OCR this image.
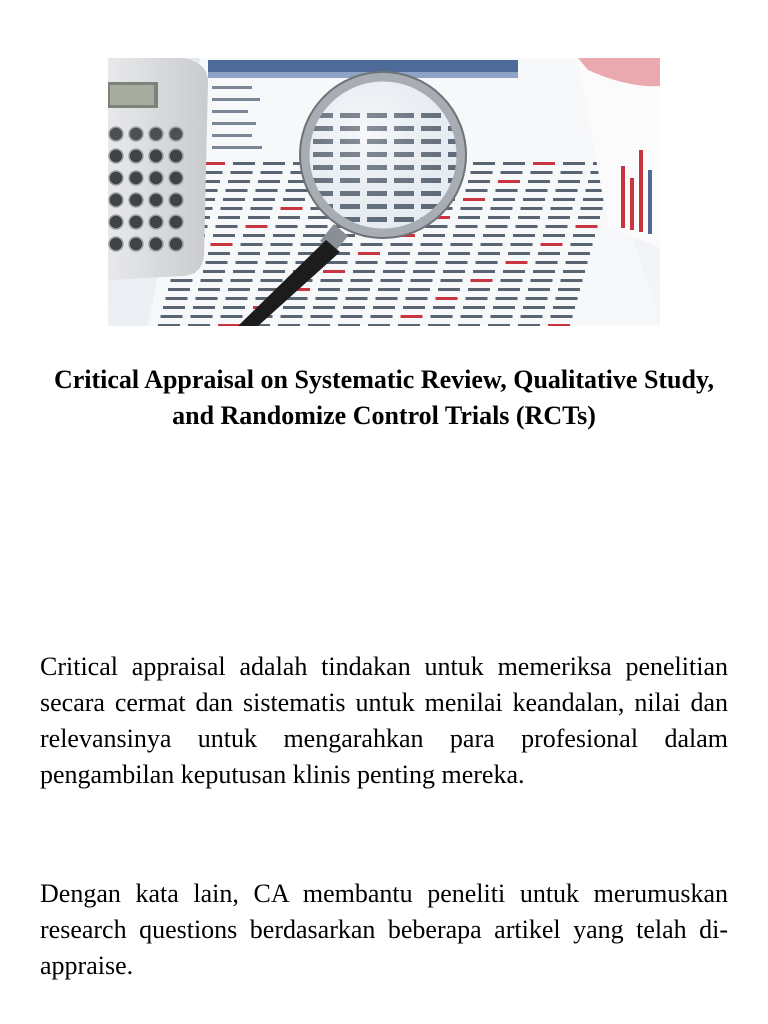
Critical Appraisal on Systematic Review, Qualitative Study, and Randomize Control Trials (RCTs)

Critical appraisal adalah tindakan untuk memeriksa penelitian secara cermat dan sistematis untuk menilai keandalan, nilai dan relevansinya untuk mengarahkan para profesional dalam pengambilan keputusan klinis penting mereka.

Dengan kata lain, CA membantu peneliti untuk merumuskan research questions berdasarkan beberapa artikel yang telah di-appraise.
